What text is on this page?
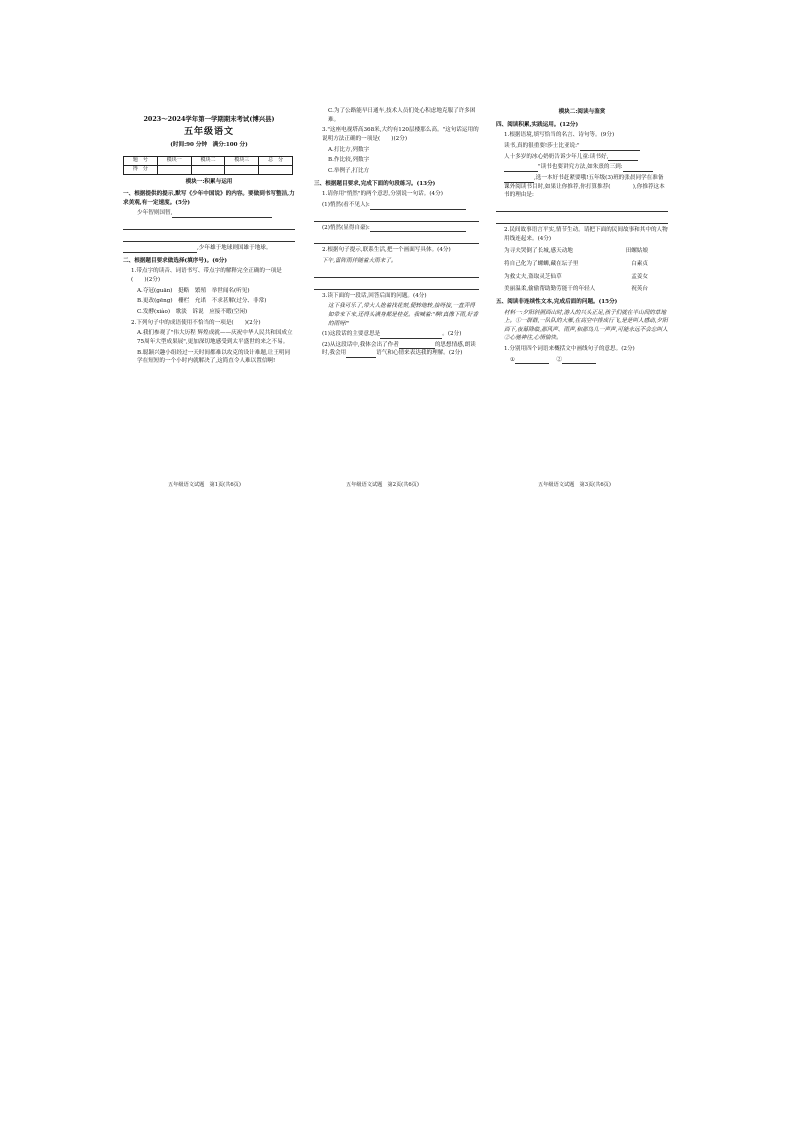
2023～2024学年第一学期期末考试(博兴县)
五年级语文
(时间:90 分钟　满分:100 分)
题　号	模块一	模块二	模块三	总　分
得　分				
模块一:积累与运用
一、根据提供的提示,默写《少年中国说》的内容。要做到书写整洁,力求美观,有一定速度。(5分)
少年智则国智,
,少年雄于地球则国雄于地球。
二、根据题目要求做选择(填序号)。(6分)
1.带点字的读音、词语书写、带点字的解释完全正确的一项是(　　)(2分)
A.夺冠(guān)　挺略　繁殖　举世闻名(听见)
B.更改(gēng)　栅栏　允诺　不求甚解(过分、非常)
C.发酵(xiào)　歌淡　诉说　应接不暇(空闲)
2.下列句子中的成语使用不恰当的一项是(　　)(2分)
A.我们参观了"伟大历程 辉煌成就——庆祝中华人民共和国成立75周年大型成果展",更加深切地感受到太平盛世的来之不易。
B.聪颖兴趣小组经过一天时间都难以攻克的设计难题,让王明同学在短短的一个小时内就解决了,这简直令人难以置信啊!
C.为了公路能早日通车,技术人员们处心积虑地克服了许多困难。
3."这座电视塔高368米,大约有120层楼那么高。"这句话运用的说明方法正确的一项是(　　)(2分)
A.打比方,列数字
B.作比较,列数字
C.举例子,打比方
三、根据题目要求,完成下面的句段练习。(13分)
1.请你用"悄然"的两个意思,分别说一句话。(4分)
(1)悄然(看不见人):
(2)悄然(显得自豪):
2.根据句子提示,联系生活,把一个画面写具体。(4分)
下午,雷阵雨伴随着大雨来了。
3.读下面的一段话,回答后面的问题。(4分)
这下我可乐了,带大人抢着找花刻,便转地转,接呀接,一直弄得如带来下来,还得头满身都是桂花。我喊着:"啊!真像下雨,好香的雨呀!"
(1)这段话的主要意思是	。(2分)
(2)从这段话中,我体会出了作者	的思想情感,朗读时,我会用	语气和心情来表达我的理解。(2分)
模块二:阅读与鉴赏
四、阅读积累,实践运用。(12分)
1.根据语境,填写恰当的名言、诗句等。(9分)
读书,真的很重要!莎士比亚说:"
人十多岁的冰心奶奶告诉少年儿童:读书好,
"读书也要讲究方法,如朱熹的三到:
,选一本好书赶紧要哦!五年级(3)班的张晨同学在准备课外阅读书目时,如果让你推荐,你打算推荐(　　　　),你推荐这本书的理由是:
2.民间故事语言平实,情节生动。请把下面的民间故事和其中的人物用线连起来。(4分)
为寻夫哭倒了长城,感天动地	田螺姑娘
将自己化为了螺蛳,藏在坛子里	白素贞
为救丈夫,盗取灵芝仙草	孟姜女
美丽温柔,偷偷帮助勤劳能干的年轻人	祝英台
五、阅读非连续性文本,完成后面的问题。(15分)
材料一:夕阳斜照西山时,游人的兴头正足,孩子们就在半山间的草地上。①一群群,一队队的大雁,在高空中排成行飞,是是叫人感动,夕阳西下,夜幕降临,那风声、雨声,和那鸟儿一声声,可能永远不会忘叫人②心驰神往,心情愉快。
1.分别用四个词语来概括文中画线句子的意思。(2分)
①　	②
五年级语文试题　第1页(共6页)	五年级语文试题　第2页(共6页)	五年级语文试题　第3页(共6页)
